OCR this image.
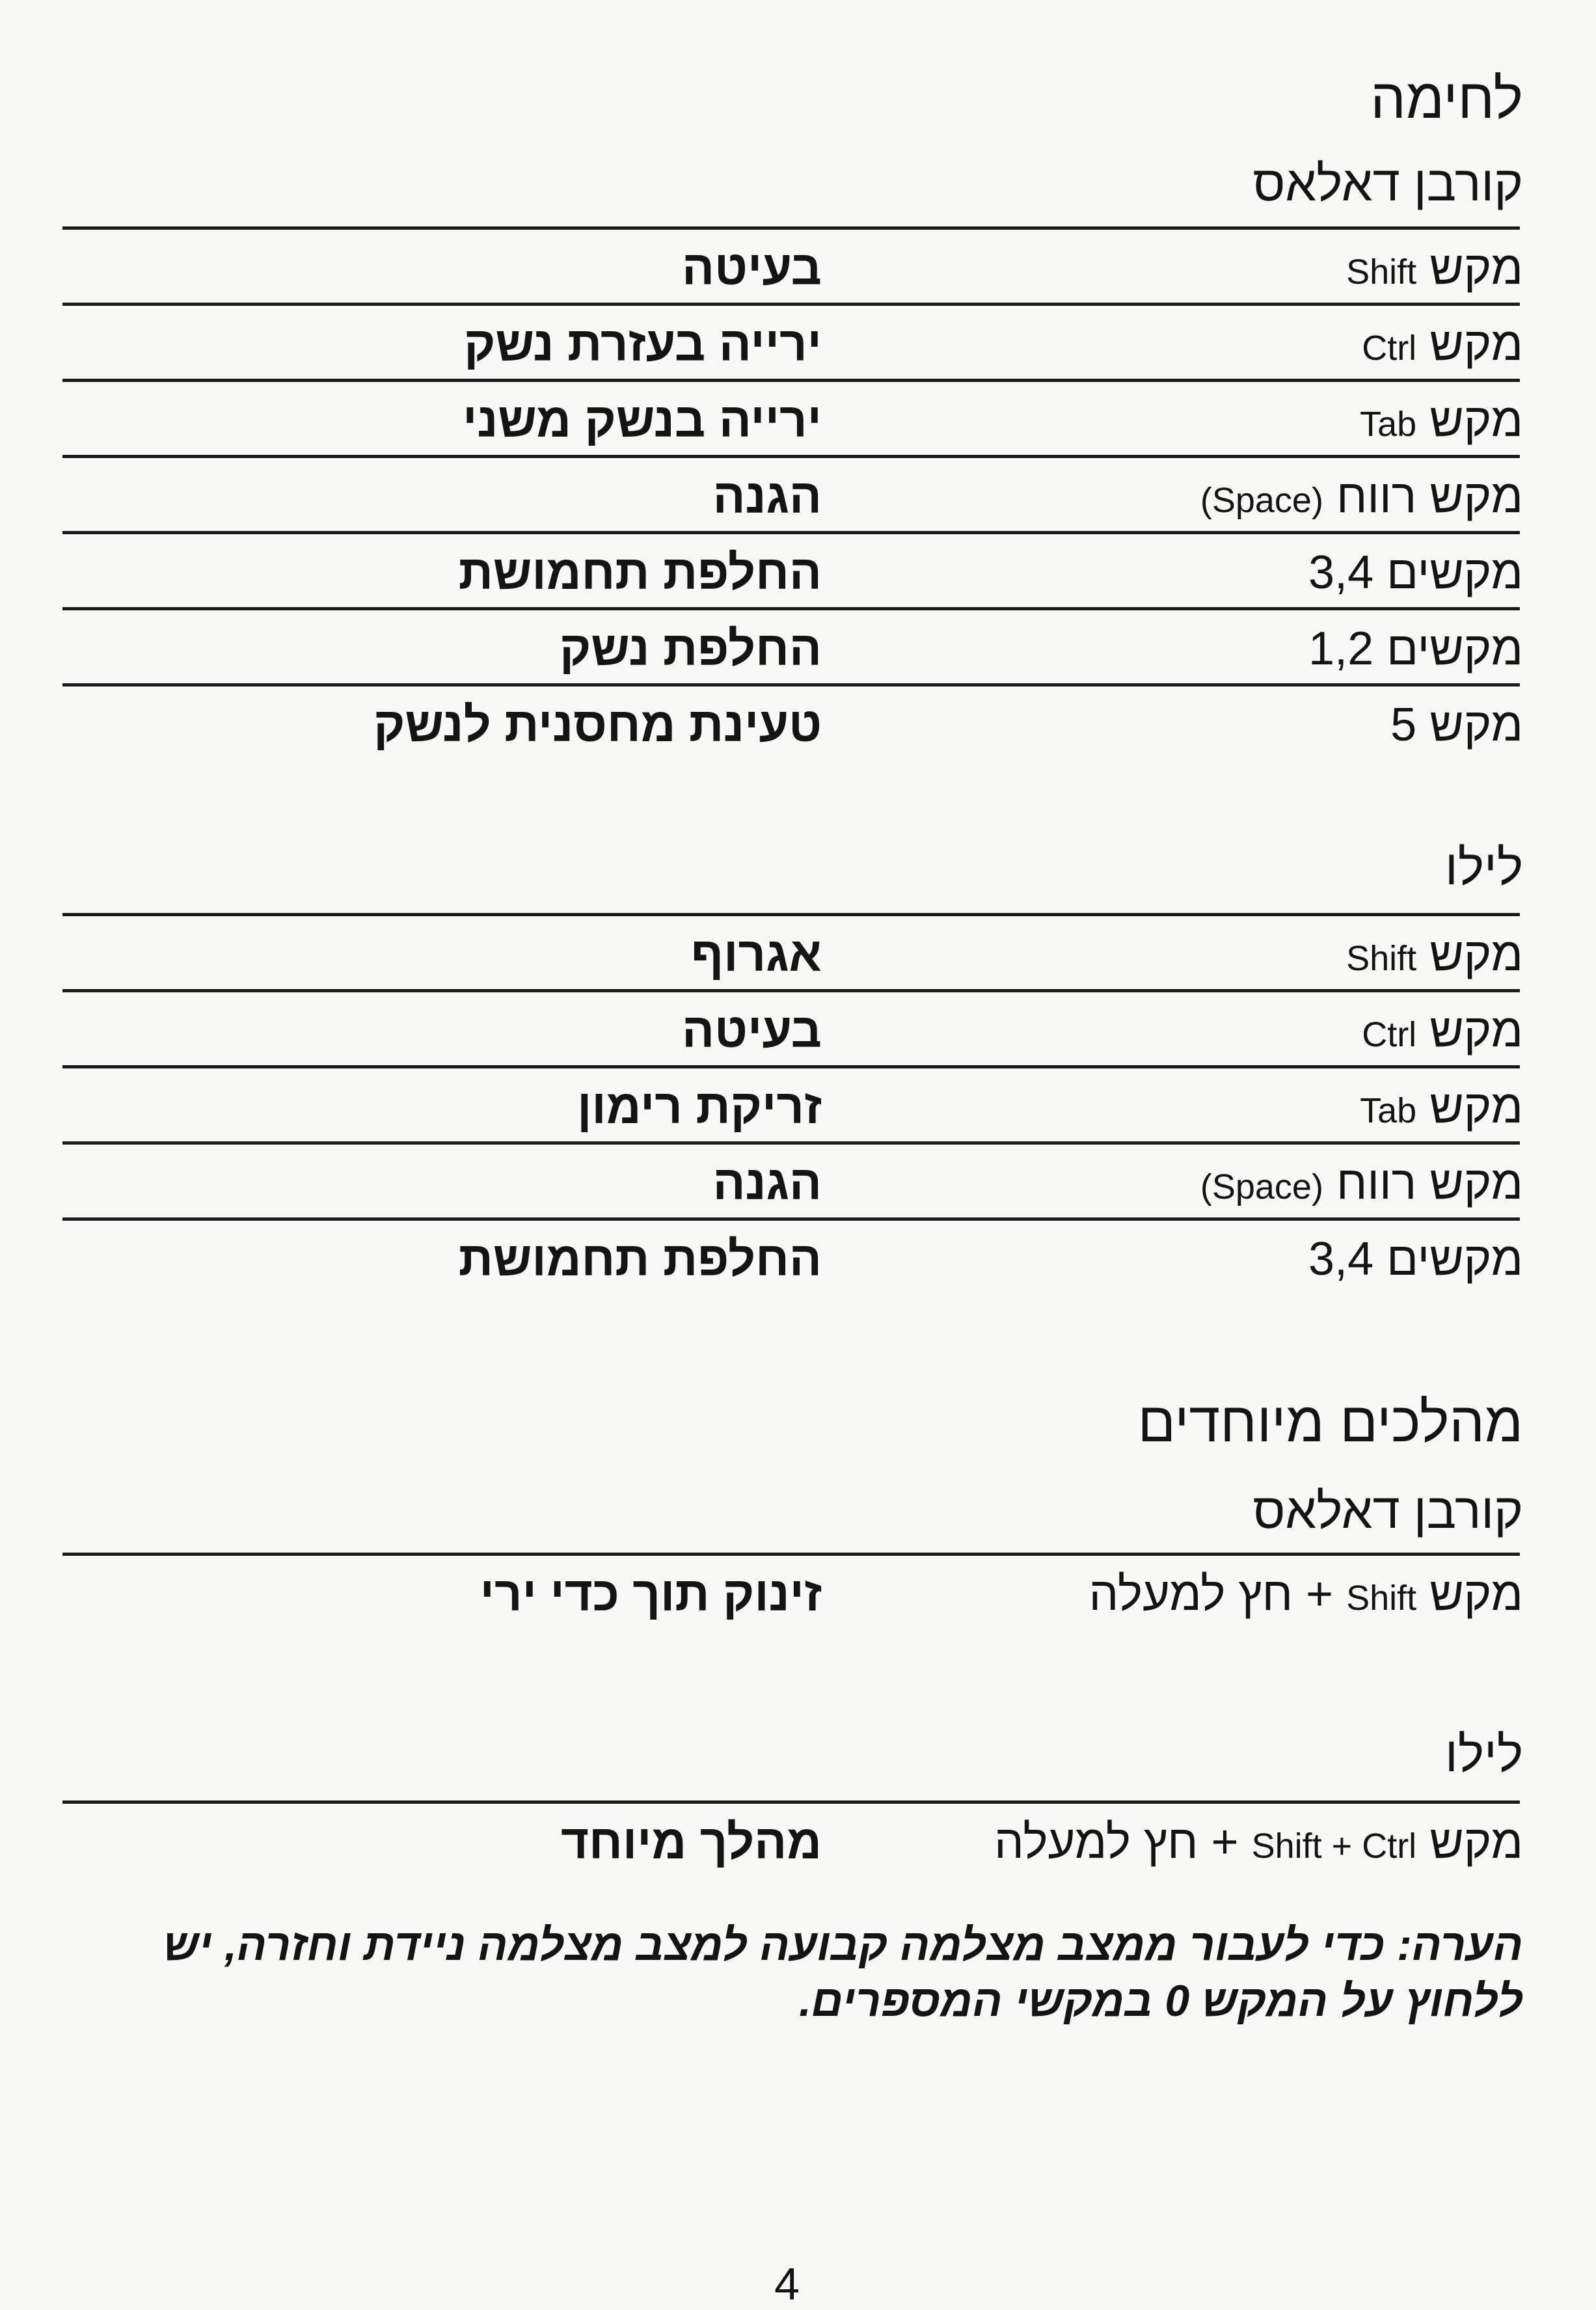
לחימה
קורבן דאלאס
מקש Shift
בעיטה
מקש Ctrl
ירייה בעזרת נשק
מקש Tab
ירייה בנשק משני
מקש רווח (Space)
הגנה
מקשים 3,4
החלפת תחמושת
מקשים 1,2
החלפת נשק
מקש 5
טעינת מחסנית לנשק
לילו
מקש Shift
אגרוף
מקש Ctrl
בעיטה
מקש Tab
זריקת רימון
מקש רווח (Space)
הגנה
מקשים 3,4
החלפת תחמושת
מהלכים מיוחדים
קורבן דאלאס
מקש Shift + חץ למעלה
זינוק תוך כדי ירי
לילו
מקש Shift + Ctrl + חץ למעלה
מהלך מיוחד

הערה: כדי לעבור ממצב מצלמה קבועה למצב מצלמה ניידת וחזרה, יש ללחוץ על המקש 0 במקשי המספרים.

4
